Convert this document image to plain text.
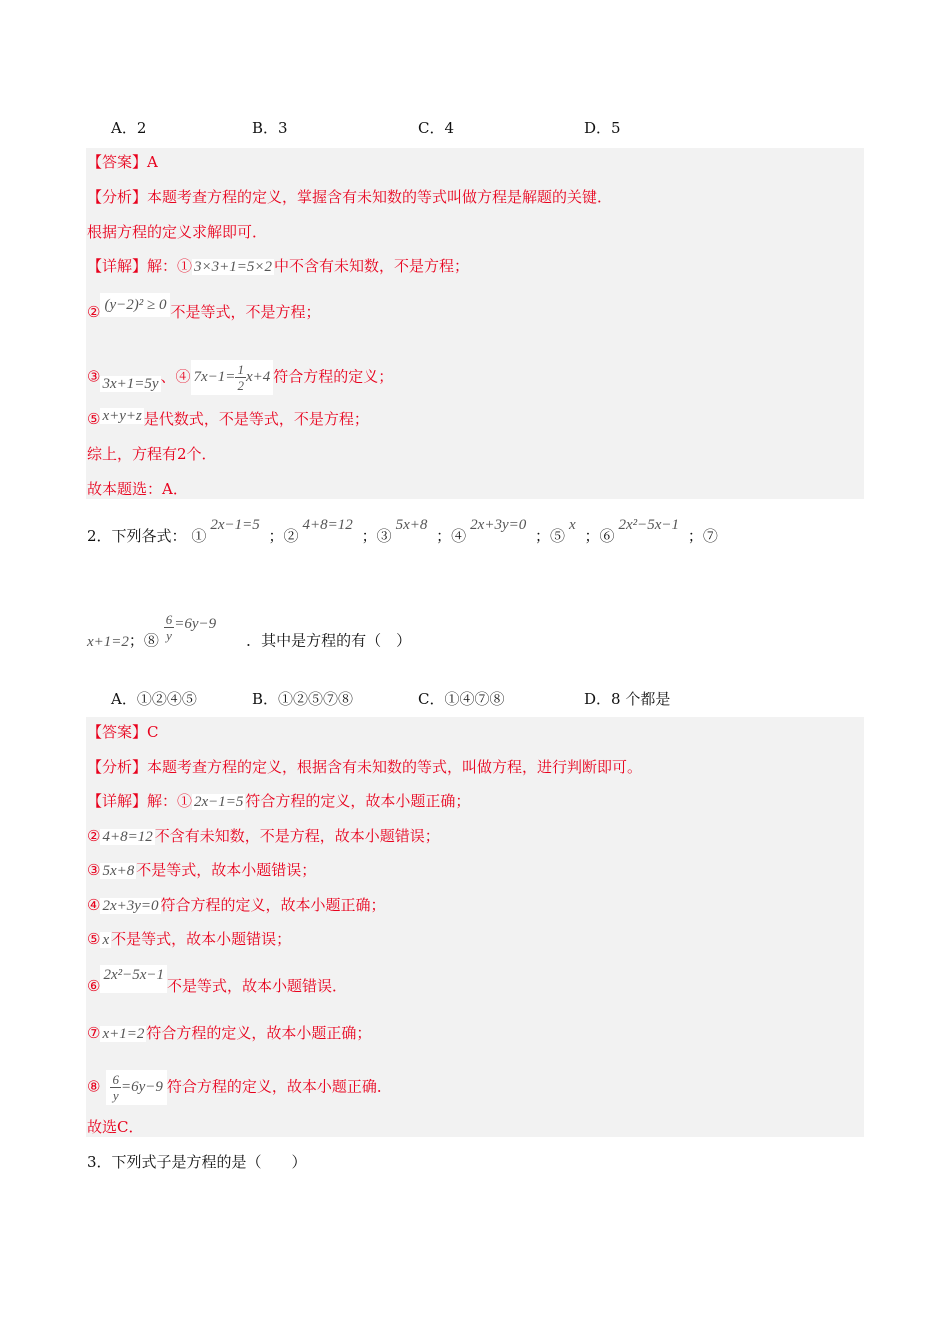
A．2	B．3	C．4	D．5
【答案】A
【分析】本题考查方程的定义，掌握含有未知数的等式叫做方程是解题的关键．
根据方程的定义求解即可．
【详解】解：① 3×3+1=5×2 中不含有未知数，不是方程；
② (y−2)² ≥ 0 不是等式，不是方程；
③ 3x+1=5y 、④ $7x-1= \frac{1}{2} x+4$ 符合方程的定义；
⑤ x+y+z 是代数式，不是等式，不是方程；
综上，方程有2个．
故本题选：A．
2．下列各式： ①2x−1=5 ；②4+8=12 ；③5x+8 ；④2x+3y=0 ；⑤x ；⑥2x²−5x−1 ；⑦
x+1=2；⑧ $\frac{6}{y} =6y-9$．其中是方程的有（　）
A．①②④⑤	B．①②⑤⑦⑧	C．①④⑦⑧	D．8 个都是
【答案】C
【分析】本题考查方程的定义，根据含有未知数的等式，叫做方程，进行判断即可。
【详解】解：① 2x−1=5 符合方程的定义，故本小题正确；
② 4+8=12 不含有未知数，不是方程，故本小题错误；
③ 5x+8 不是等式，故本小题错误；
④ 2x+3y=0 符合方程的定义，故本小题正确；
⑤ x 不是等式，故本小题错误；
⑥2x²−5x−1不是等式，故本小题错误．
⑦ x+1=2 符合方程的定义，故本小题正确；
⑧ $\frac{6}{y} =6y-9$ 符合方程的定义，故本小题正确．
故选C．
3．下列式子是方程的是（　　）
